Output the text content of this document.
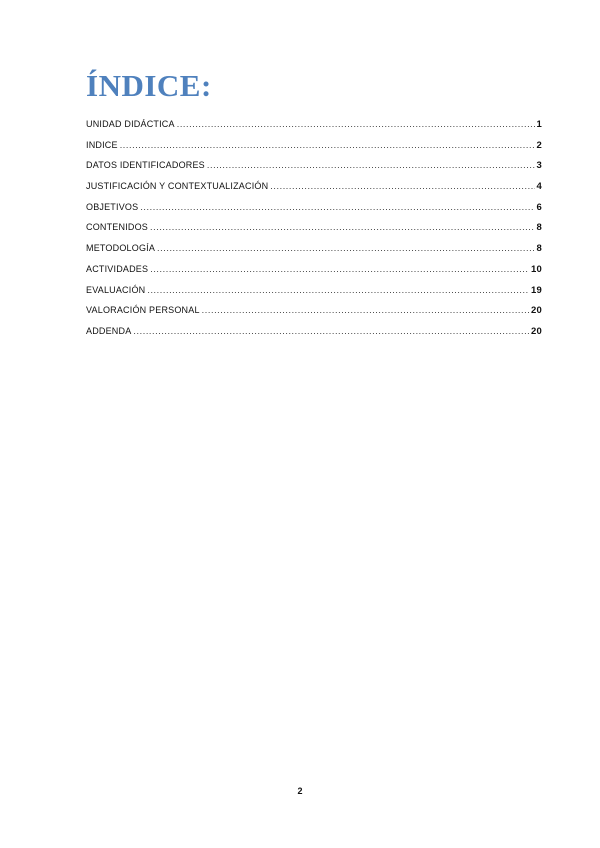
ÍNDICE:
UNIDAD DIDÁCTICA .....	1
INDICE .....	2
DATOS IDENTIFICADORES .....	3
JUSTIFICACIÓN Y CONTEXTUALIZACIÓN .....	4
OBJETIVOS .....	6
CONTENIDOS .....	8
METODOLOGÍA .....	8
ACTIVIDADES .....	10
EVALUACIÓN .....	19
VALORACIÓN PERSONAL .....	20
ADDENDA .....	20
2
